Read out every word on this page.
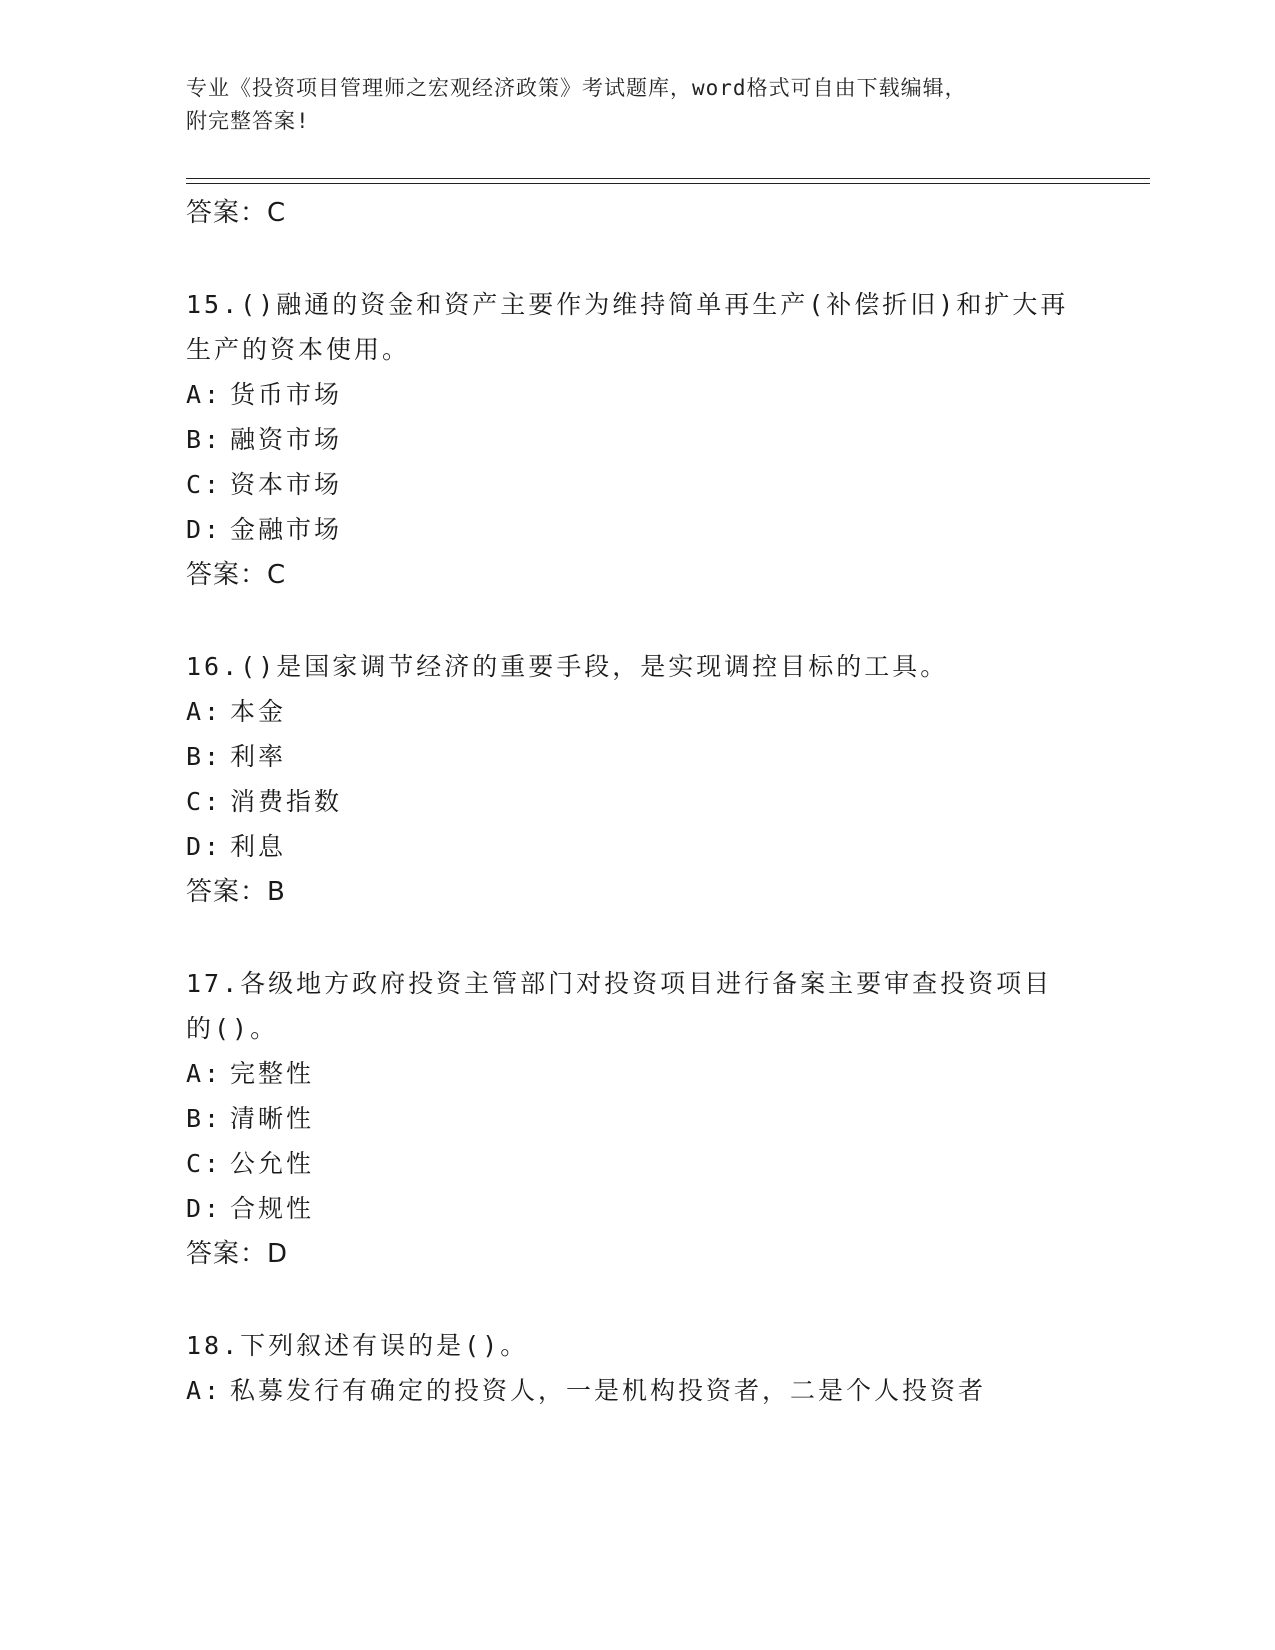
专业《投资项目管理师之宏观经济政策》考试题库，word格式可自由下载编辑，
附完整答案!
答案：C
15.()融通的资金和资产主要作为维持简单再生产(补偿折旧)和扩大再
生产的资本使用。
A: 货币市场
B: 融资市场
C: 资本市场
D: 金融市场
答案：C
16.()是国家调节经济的重要手段，是实现调控目标的工具。
A: 本金
B: 利率
C: 消费指数
D: 利息
答案：B
17.各级地方政府投资主管部门对投资项目进行备案主要审查投资项目
的()。
A: 完整性
B: 清晰性
C: 公允性
D: 合规性
答案：D
18.下列叙述有误的是()。
A: 私募发行有确定的投资人，一是机构投资者，二是个人投资者
